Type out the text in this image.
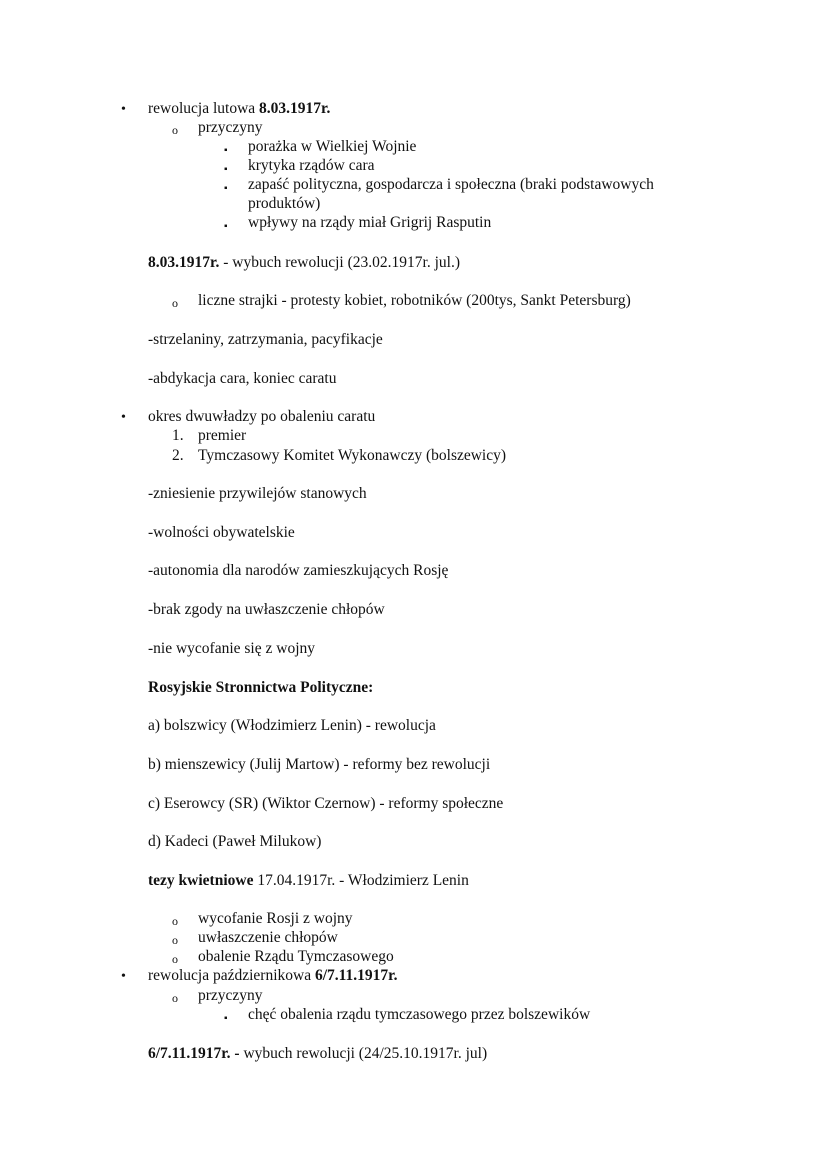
• rewolucja lutowa 8.03.1917r.
o przyczyny
▪ porażka w Wielkiej Wojnie
▪ krytyka rządów cara
▪ zapaść polityczna, gospodarcza i społeczna (braki podstawowych
produktów)
▪ wpływy na rządy miał Grigrij Rasputin
8.03.1917r. - wybuch rewolucji (23.02.1917r. jul.)
o liczne strajki - protesty kobiet, robotników (200tys, Sankt Petersburg)
-strzelaniny, zatrzymania, pacyfikacje
-abdykacja cara, koniec caratu
• okres dwuwładzy po obaleniu caratu
1. premier
2. Tymczasowy Komitet Wykonawczy (bolszewicy)
-zniesienie przywilejów stanowych
-wolności obywatelskie
-autonomia dla narodów zamieszkujących Rosję
-brak zgody na uwłaszczenie chłopów
-nie wycofanie się z wojny
Rosyjskie Stronnictwa Polityczne:
a) bolszwicy (Włodzimierz Lenin) - rewolucja
b) mienszewicy (Julij Martow) - reformy bez rewolucji
c) Eserowcy (SR) (Wiktor Czernow) - reformy społeczne
d) Kadeci (Paweł Milukow)
tezy kwietniowe 17.04.1917r. - Włodzimierz Lenin
o wycofanie Rosji z wojny
o uwłaszczenie chłopów
o obalenie Rządu Tymczasowego
• rewolucja październikowa 6/7.11.1917r.
o przyczyny
▪ chęć obalenia rządu tymczasowego przez bolszewików
6/7.11.1917r. - wybuch rewolucji (24/25.10.1917r. jul)
